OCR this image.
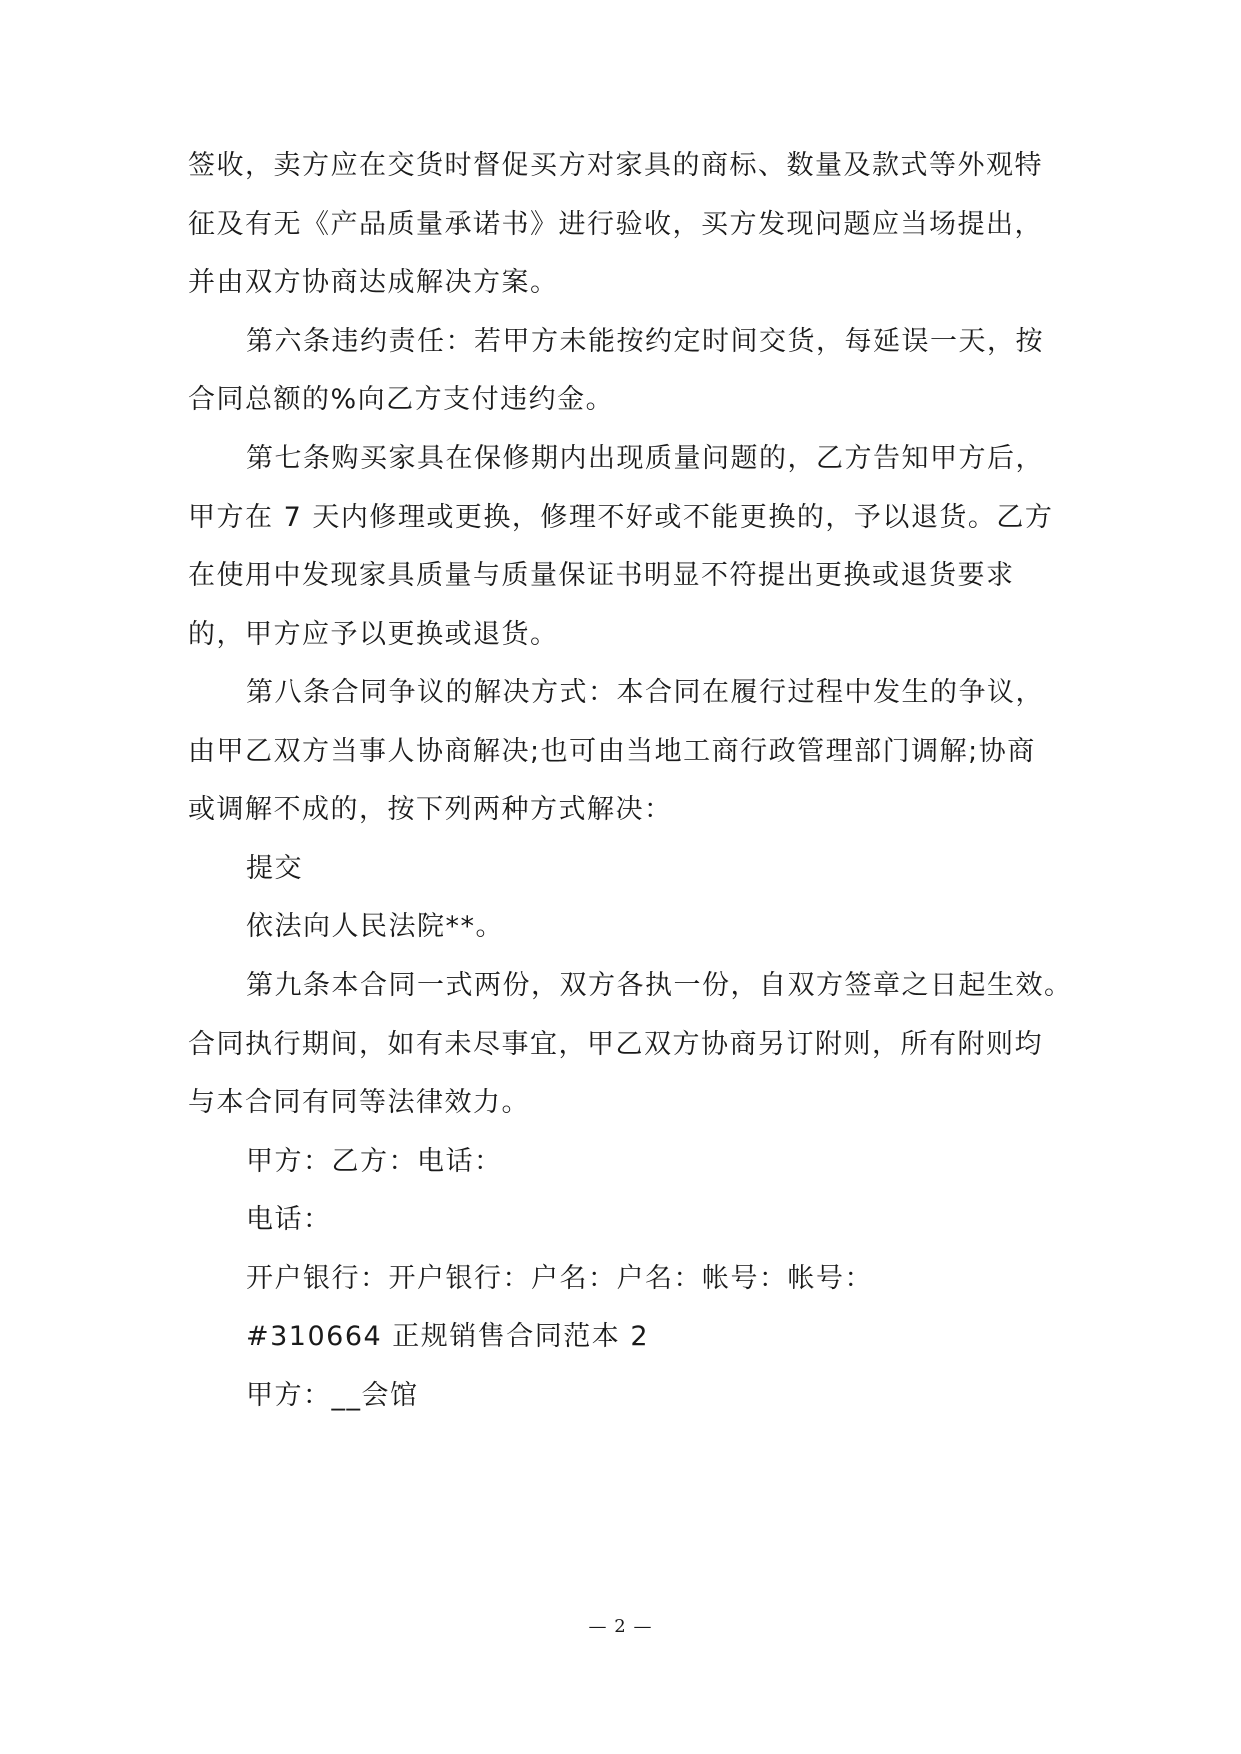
签收，卖方应在交货时督促买方对家具的商标、数量及款式等外观特
征及有无《产品质量承诺书》进行验收，买方发现问题应当场提出，
并由双方协商达成解决方案。
第六条违约责任：若甲方未能按约定时间交货，每延误一天，按
合同总额的%向乙方支付违约金。
第七条购买家具在保修期内出现质量问题的，乙方告知甲方后，
甲方在 7 天内修理或更换，修理不好或不能更换的，予以退货。乙方
在使用中发现家具质量与质量保证书明显不符提出更换或退货要求
的，甲方应予以更换或退货。
第八条合同争议的解决方式：本合同在履行过程中发生的争议，
由甲乙双方当事人协商解决;也可由当地工商行政管理部门调解;协商
或调解不成的，按下列两种方式解决：
提交
依法向人民法院**。
第九条本合同一式两份，双方各执一份，自双方签章之日起生效。
合同执行期间，如有未尽事宜，甲乙双方协商另订附则，所有附则均
与本合同有同等法律效力。
甲方：乙方：电话：
电话：
开户银行：开户银行：户名：户名：帐号：帐号：
#310664 正规销售合同范本 2
甲方：__会馆
— 2 —
